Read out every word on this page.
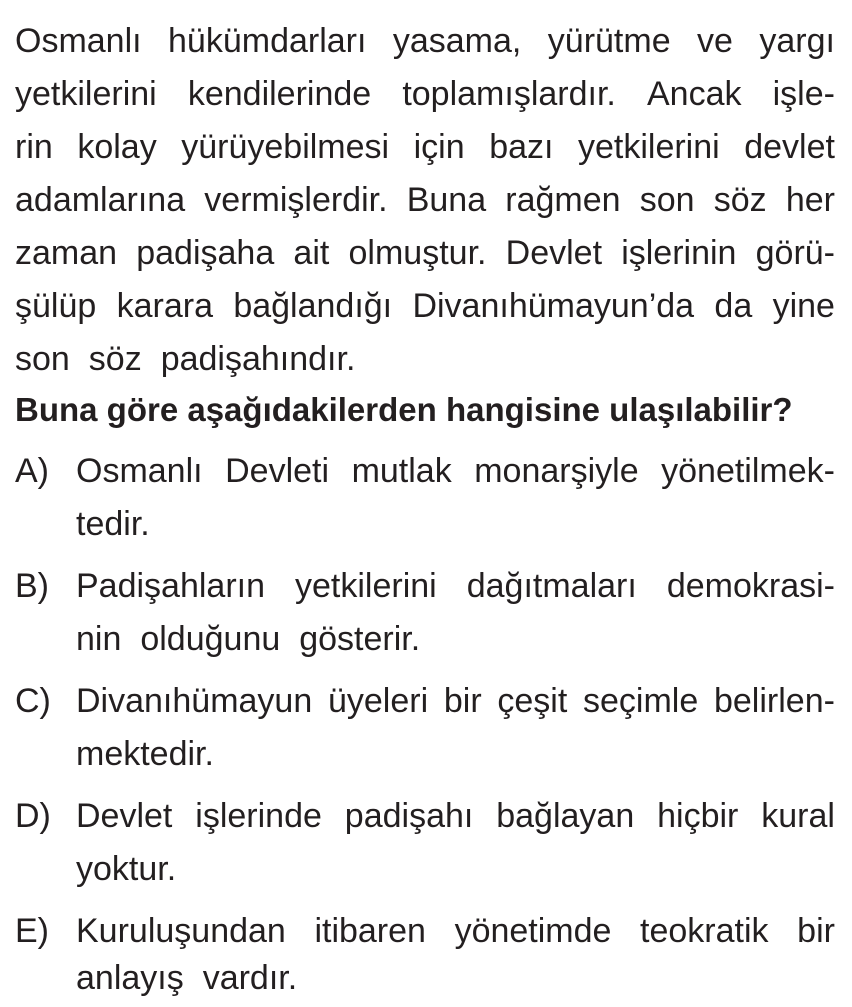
Osmanlı hükümdarları yasama, yürütme ve yargı
yetkilerini kendilerinde toplamışlardır. Ancak işle-
rin kolay yürüyebilmesi için bazı yetkilerini devlet
adamlarına vermişlerdir. Buna rağmen son söz her
zaman padişaha ait olmuştur. Devlet işlerinin görü-
şülüp karara bağlandığı Divanıhümayun’da da yine
son söz padişahındır.
Buna göre aşağıdakilerden hangisine ulaşılabilir?
A) Osmanlı Devleti mutlak monarşiyle yönetilmek-
tedir.
B) Padişahların yetkilerini dağıtmaları demokrasi-
nin olduğunu gösterir.
C) Divanıhümayun üyeleri bir çeşit seçimle belirlen-
mektedir.
D) Devlet işlerinde padişahı bağlayan hiçbir kural
yoktur.
E) Kuruluşundan itibaren yönetimde teokratik bir
anlayış vardır.
